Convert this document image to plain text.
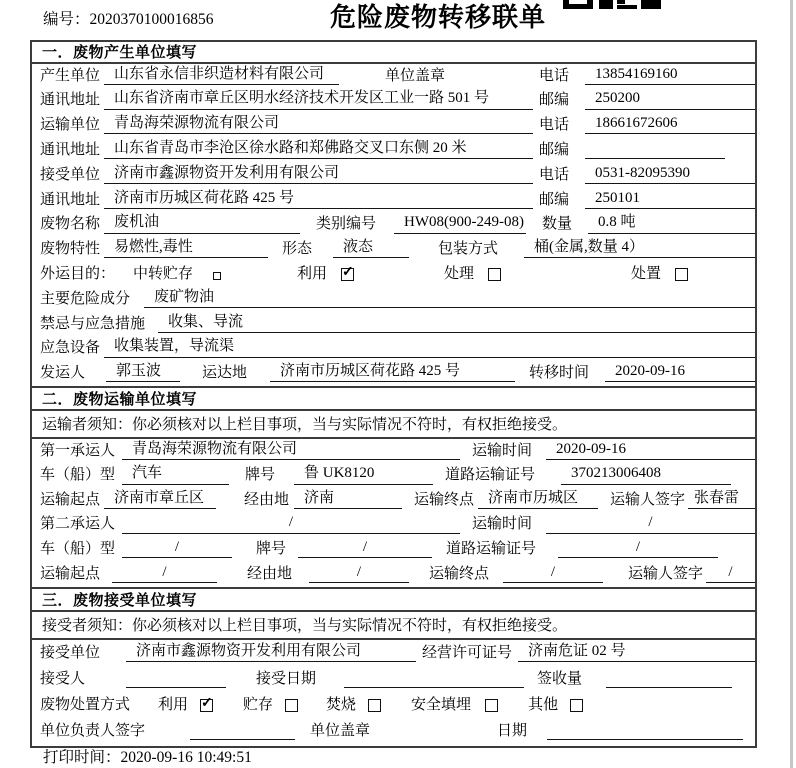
编号：2020370100016856	危险废物转移联单
一．废物产生单位填写
产生单位 山东省永信非织造材料有限公司	单位盖章	电话	13854169160
通讯地址 山东省济南市章丘区明水经济技术开发区工业一路 501 号	邮编	250200
运输单位 青岛海荣源物流有限公司	电话	18661672606
通讯地址 山东省青岛市李沧区徐水路和郑佛路交叉口东侧 20 米	邮编
接受单位 济南市鑫源物资开发利用有限公司	电话	0531-82095390
通讯地址 济南市历城区荷花路 425 号	邮编	250101
废物名称 废机油	类别编号	HW08(900-249-08) 数量	0.8 吨
废物特性 易燃性,毒性	形态	液态	包装方式	桶(金属,数量 4）
外运目的：	中转贮存	利用 ✓	处理	处置
主要危险成分	废矿物油
禁忌与应急措施	收集、导流
应急设备 收集装置，导流渠
发运人	郭玉波	运达地	济南市历城区荷花路 425 号	转移时间	2020-09-16
二．废物运输单位填写
运输者须知：你必须核对以上栏目事项，当与实际情况不符时，有权拒绝接受。
第一承运人	青岛海荣源物流有限公司	运输时间	2020-09-16
车（船）型	汽车	牌号	鲁 UK8120	道路运输证号	370213006408
运输起点 济南市章丘区	经由地 济南	运输终点 济南市历城区	运输人签字 张春雷
第二承运人	/	运输时间	/
车（船）型	/	牌号	/	道路运输证号	/
运输起点	/	经由地	/	运输终点	/	运输人签字	/
三．废物接受单位填写
接受者须知：你必须核对以上栏目事项，当与实际情况不符时，有权拒绝接受。
接受单位	济南市鑫源物资开发利用有限公司	经营许可证号	济南危证 02 号
接受人	接受日期	签收量
废物处置方式 利用 ✓	贮存	焚烧	安全填埋	其他
单位负责人签字	单位盖章	日期
打印时间：2020-09-16 10:49:51
